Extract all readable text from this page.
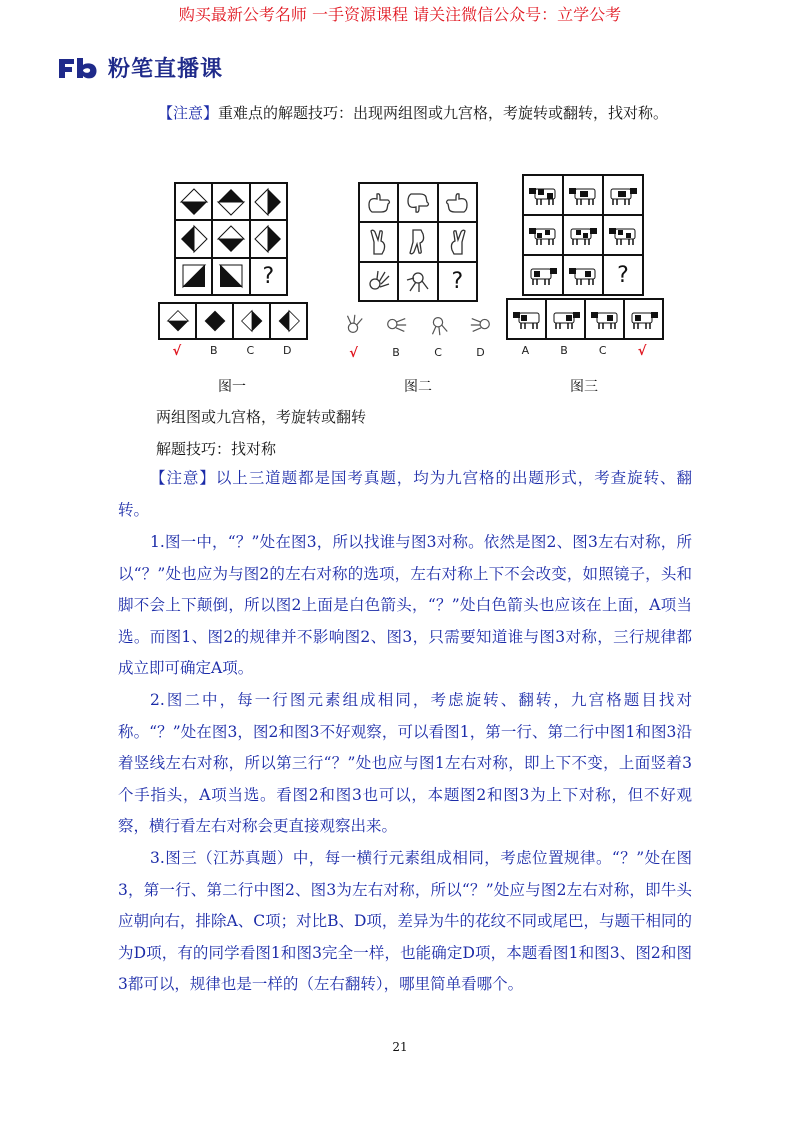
购买最新公考名师 一手资源课程 请关注微信公众号：立学公考
粉笔直播课
【注意】重难点的解题技巧：出现两组图或九宫格，考旋转或翻转，找对称。
?
√	B	C	D
图一
?
√	B	C	D
图二
?
A	B	C √
图三
两组图或九宫格，考旋转或翻转
解题技巧：找对称
【注意】以上三道题都是国考真题，均为九宫格的出题形式，考查旋转、翻转。
1.图一中，“？”处在图3，所以找谁与图3对称。依然是图2、图3左右对称，所以“？”处也应为与图2的左右对称的选项，左右对称上下不会改变，如照镜子，头和脚不会上下颠倒，所以图2上面是白色箭头，“？”处白色箭头也应该在上面，A项当选。而图1、图2的规律并不影响图2、图3，只需要知道谁与图3对称，三行规律都成立即可确定A项。
2.图二中，每一行图元素组成相同，考虑旋转、翻转，九宫格题目找对称。“？”处在图3，图2和图3不好观察，可以看图1，第一行、第二行中图1和图3沿着竖线左右对称，所以第三行“？”处也应与图1左右对称，即上下不变，上面竖着3个手指头，A项当选。看图2和图3也可以，本题图2和图3为上下对称，但不好观察，横行看左右对称会更直接观察出来。
3.图三（江苏真题）中，每一横行元素组成相同，考虑位置规律。“？”处在图3，第一行、第二行中图2、图3为左右对称，所以“？”处应与图2左右对称，即牛头应朝向右，排除A、C项；对比B、D项，差异为牛的花纹不同或尾巴，与题干相同的为D项，有的同学看图1和图3完全一样，也能确定D项，本题看图1和图3、图2和图3都可以，规律也是一样的（左右翻转），哪里简单看哪个。
21
